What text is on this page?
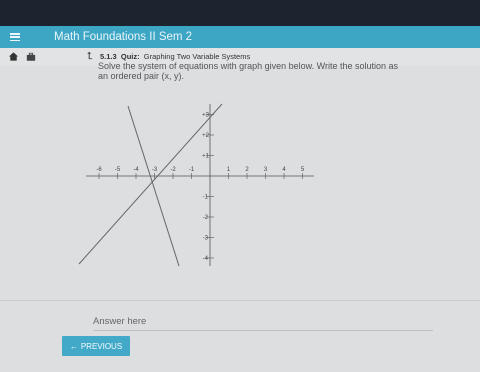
Math Foundations II Sem 2
⮤ 5.1.3 Quiz: Graphing Two Variable Systems
Solve the system of equations with graph given below. Write the solution as
an ordered pair (x, y).
-6 -5 -4 -3 -2 -1	1	2	3	4	5
+3
+2
+1
-1
-2
-3
-4
Answer here
← PREVIOUS
